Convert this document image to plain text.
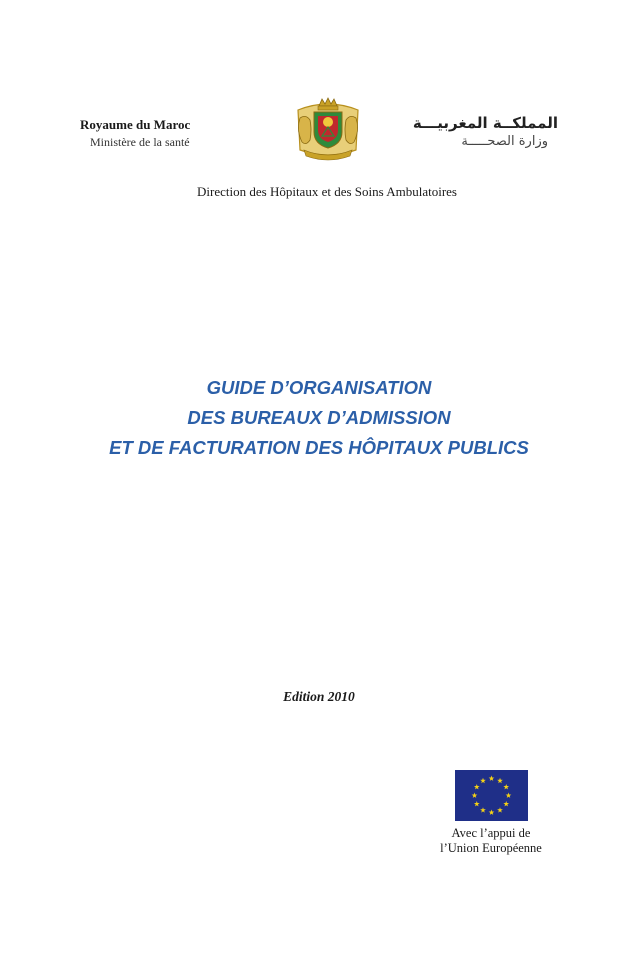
Royaume du Maroc
Ministère de la santé
المملكــة المغربيـــة
وزارة الصحـــــة
Direction des Hôpitaux et des Soins Ambulatoires
GUIDE D’ORGANISATION
DES BUREAUX D’ADMISSION
ET DE FACTURATION DES HÔPITAUX PUBLICS
Edition 2010
Avec l’appui de
l’Union Européenne
